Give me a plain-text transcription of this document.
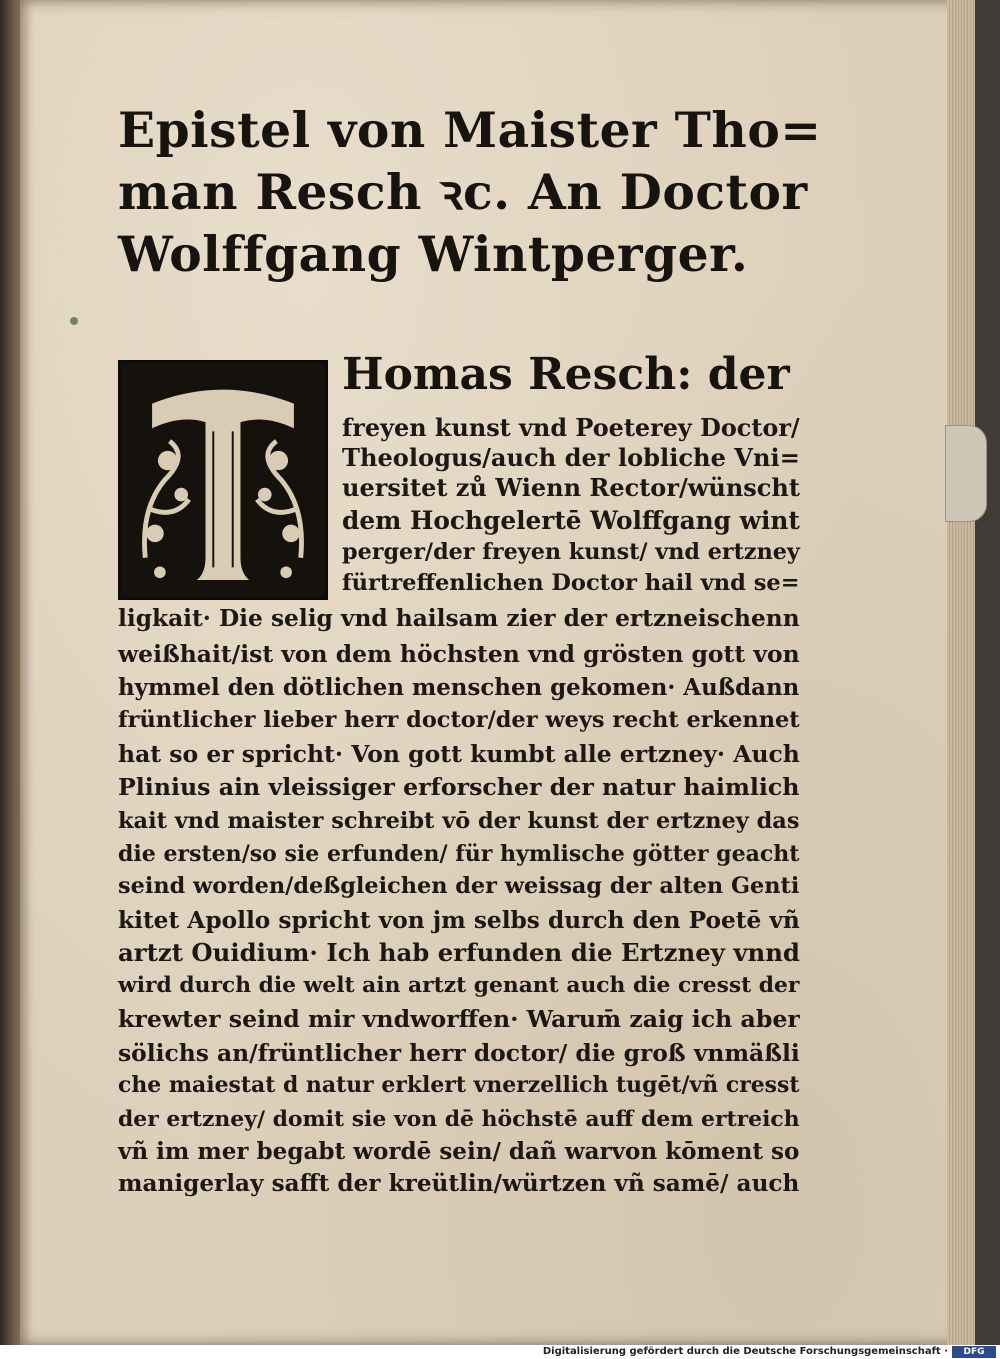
Epistel von Maister Tho=
man Resch ꝛc. An Doctor
Wolffgang Wintperger.
Homas Resch: der
freyen kunst vnd Poeterey Doctor/
Theologus/auch der lobliche Vni=
uersitet zů Wienn Rector/wünscht
dem Hochgelertē Wolffgang wint
perger/der freyen kunst/ vnd ertzney
fürtreffenlichen Doctor hail vnd se=
ligkait· Die selig vnd hailsam zier der ertzneischenn
weißhait/ist von dem höchsten vnd grösten gott von
hymmel den dötlichen menschen gekomen· Außdann
früntlicher lieber herr doctor/der weys recht erkennet
hat so er spricht· Von gott kumbt alle ertzney· Auch
Plinius ain vleissiger erforscher der natur haimlich
kait vnd maister schreibt vō der kunst der ertzney das
die ersten/so sie erfunden/ für hymlische götter geacht
seind worden/deßgleichen der weissag der alten Genti
kitet Apollo spricht von jm selbs durch den Poetē vñ
artzt Ouidium· Ich hab erfunden die Ertzney vnnd
wird durch die welt ain artzt genant auch die cresst der
krewter seind mir vndworffen· Warum̄ zaig ich aber
sölichs an/früntlicher herr doctor/ die groß vnmäßli
che maiestat d natur erklert vnerzellich tugēt/vñ cresst
der ertzney/ domit sie von dē höchstē auff dem ertreich
vñ im mer begabt wordē sein/ dañ warvon kōment so
manigerlay safft der kreütlin/würtzen vñ samē/ auch
Digitalisierung gefördert durch die Deutsche Forschungsgemeinschaft ·	DFG
